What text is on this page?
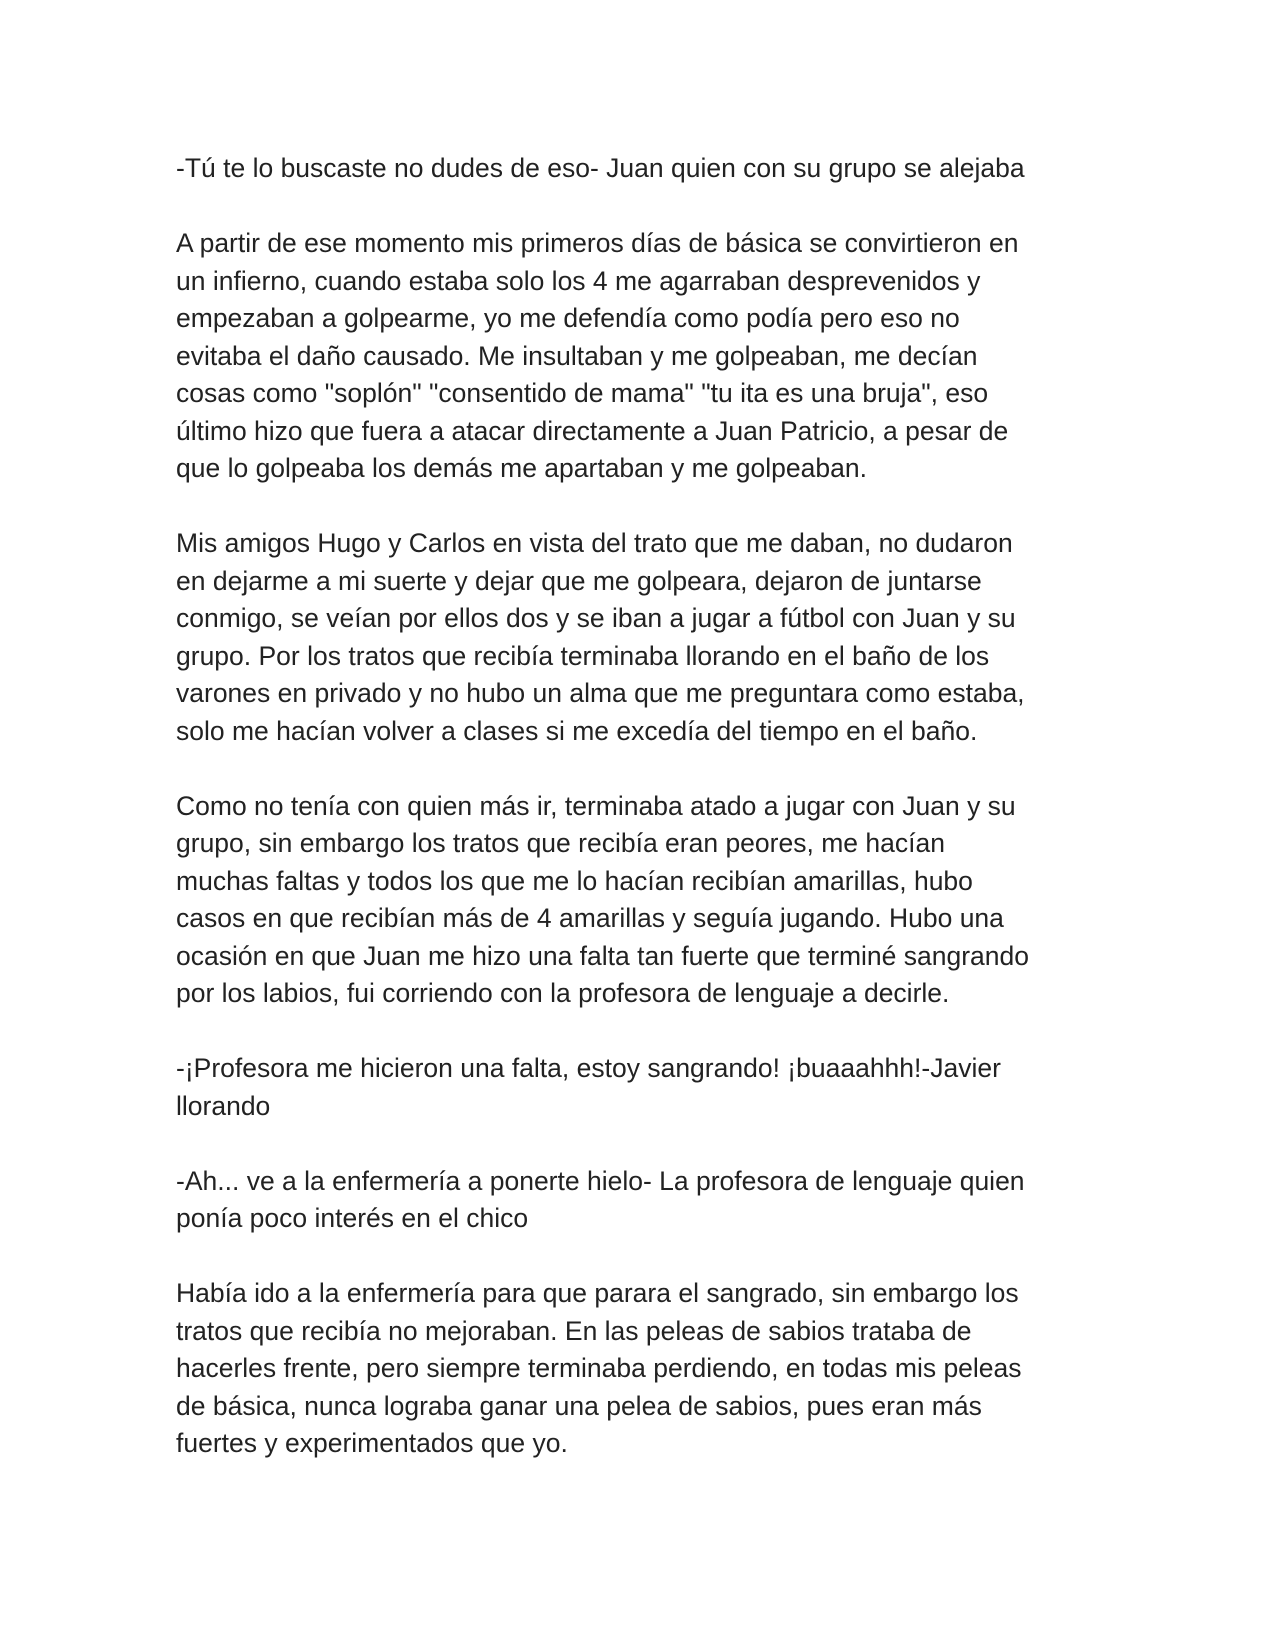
-Tú te lo buscaste no dudes de eso- Juan quien con su grupo se alejaba

A partir de ese momento mis primeros días de básica se convirtieron en
un infierno, cuando estaba solo los 4 me agarraban desprevenidos y
empezaban a golpearme, yo me defendía como podía pero eso no
evitaba el daño causado. Me insultaban y me golpeaban, me decían
cosas como "soplón" "consentido de mama" "tu ita es una bruja", eso
último hizo que fuera a atacar directamente a Juan Patricio, a pesar de
que lo golpeaba los demás me apartaban y me golpeaban.

Mis amigos Hugo y Carlos en vista del trato que me daban, no dudaron
en dejarme a mi suerte y dejar que me golpeara, dejaron de juntarse
conmigo, se veían por ellos dos y se iban a jugar a fútbol con Juan y su
grupo. Por los tratos que recibía terminaba llorando en el baño de los
varones en privado y no hubo un alma que me preguntara como estaba,
solo me hacían volver a clases si me excedía del tiempo en el baño.

Como no tenía con quien más ir, terminaba atado a jugar con Juan y su
grupo, sin embargo los tratos que recibía eran peores, me hacían
muchas faltas y todos los que me lo hacían recibían amarillas, hubo
casos en que recibían más de 4 amarillas y seguía jugando. Hubo una
ocasión en que Juan me hizo una falta tan fuerte que terminé sangrando
por los labios, fui corriendo con la profesora de lenguaje a decirle.

-¡Profesora me hicieron una falta, estoy sangrando! ¡buaaahhh!-Javier
llorando

-Ah... ve a la enfermería a ponerte hielo- La profesora de lenguaje quien
ponía poco interés en el chico

Había ido a la enfermería para que parara el sangrado, sin embargo los
tratos que recibía no mejoraban. En las peleas de sabios trataba de
hacerles frente, pero siempre terminaba perdiendo, en todas mis peleas
de básica, nunca lograba ganar una pelea de sabios, pues eran más
fuertes y experimentados que yo.
